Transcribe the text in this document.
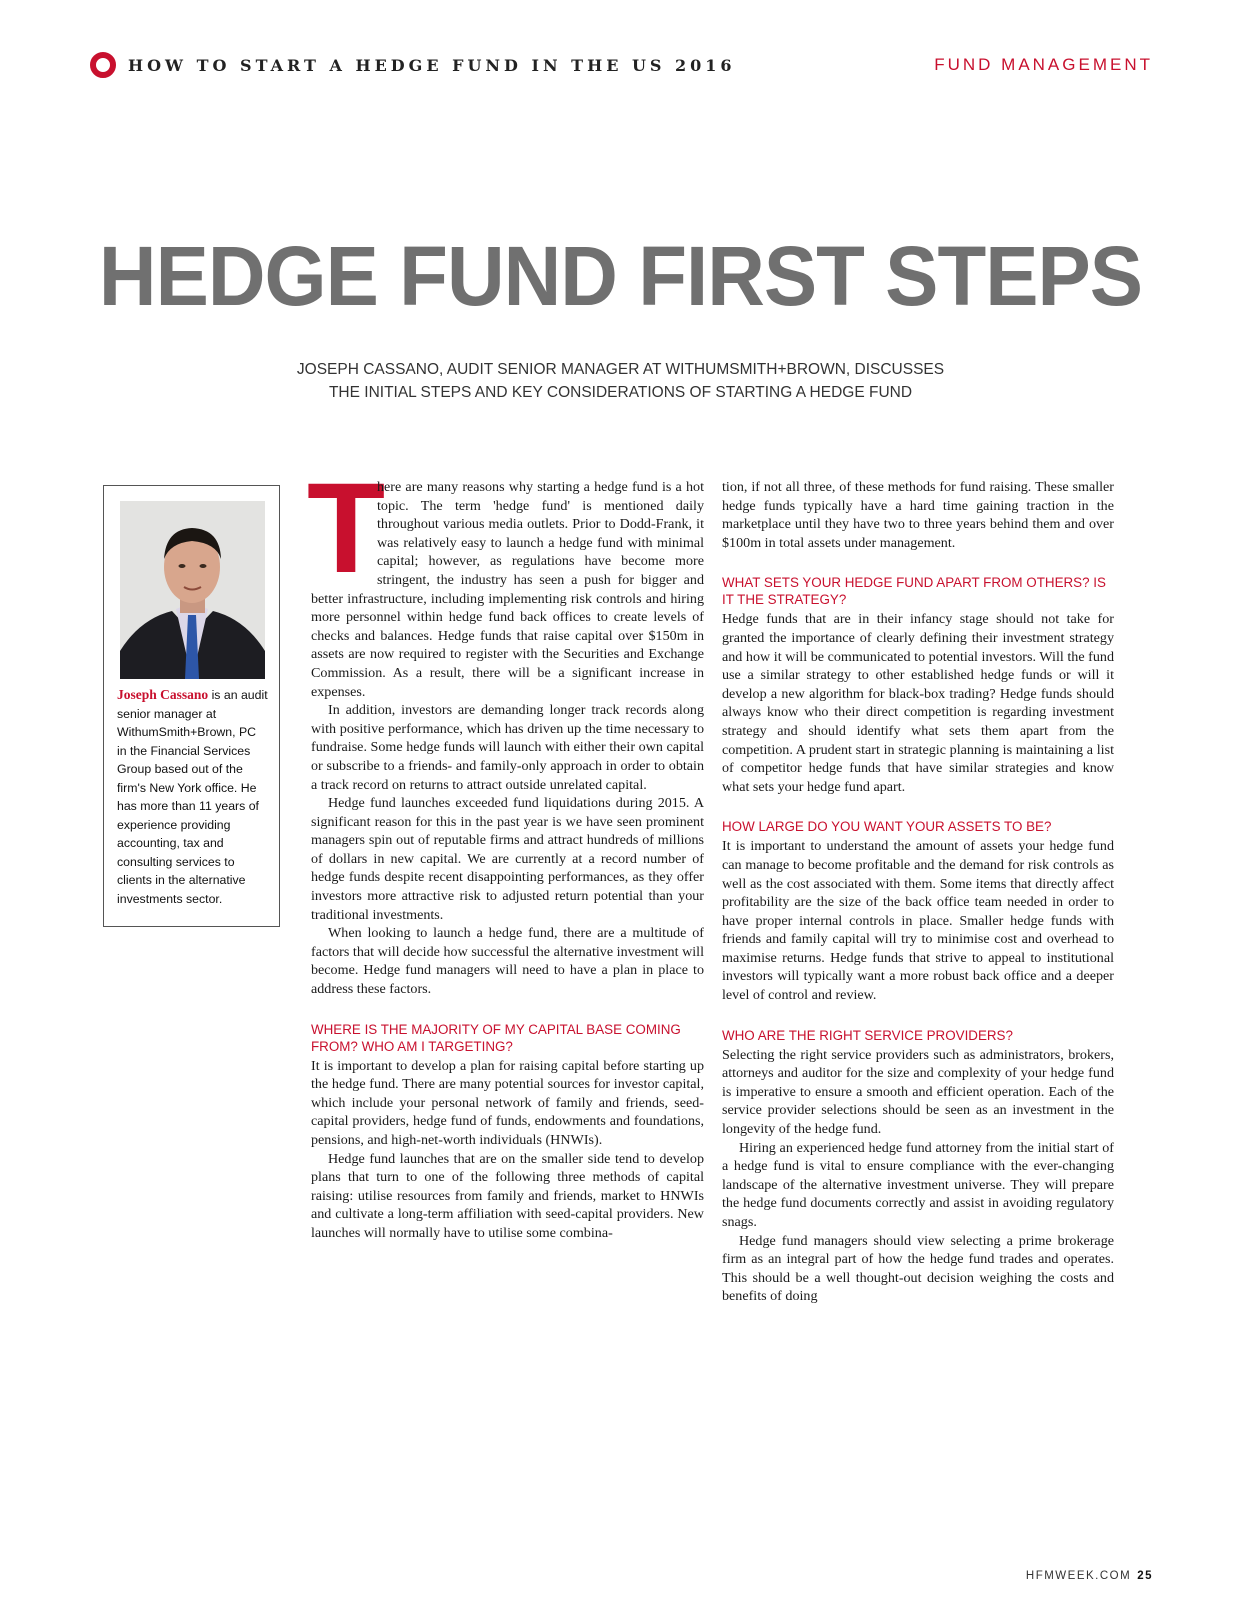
HOW TO START A HEDGE FUND IN THE US 2016	FUND MANAGEMENT
HEDGE FUND FIRST STEPS
JOSEPH CASSANO, AUDIT SENIOR MANAGER AT WITHUMSMITH+BROWN, DISCUSSES
THE INITIAL STEPS AND KEY CONSIDERATIONS OF STARTING A HEDGE FUND
Joseph Cassano is an audit senior manager at WithumSmith+Brown, PC in the Financial Services Group based out of the firm's New York office. He has more than 11 years of experience providing accounting, tax and consulting services to clients in the alternative investments sector.
T

here are many reasons why starting a hedge fund is a hot topic. The term 'hedge fund' is mentioned daily throughout various media outlets. Prior to Dodd-Frank, it was relatively easy to launch a hedge fund with minimal capital; however, as regulations have become more stringent, the industry has seen a push for bigger and better infrastructure, including implementing risk controls and hiring more personnel within hedge fund back offices to create levels of checks and balances. Hedge funds that raise capital over $150m in assets are now required to register with the Securities and Exchange Commission. As a result, there will be a significant increase in expenses.

In addition, investors are demanding longer track records along with positive performance, which has driven up the time necessary to fundraise. Some hedge funds will launch with either their own capital or subscribe to a friends- and family-only approach in order to obtain a track record on returns to attract outside unrelated capital.

Hedge fund launches exceeded fund liquidations during 2015. A significant reason for this in the past year is we have seen prominent managers spin out of reputable firms and attract hundreds of millions of dollars in new capital. We are currently at a record number of hedge funds despite recent disappointing performances, as they offer investors more attractive risk to adjusted return potential than your traditional investments.

When looking to launch a hedge fund, there are a multitude of factors that will decide how successful the alternative investment will become. Hedge fund managers will need to have a plan in place to address these factors.

WHERE IS THE MAJORITY OF MY CAPITAL BASE COMING FROM? WHO AM I TARGETING?

It is important to develop a plan for raising capital before starting up the hedge fund. There are many potential sources for investor capital, which include your personal network of family and friends, seed-capital providers, hedge fund of funds, endowments and foundations, pensions, and high-net-worth individuals (HNWIs).

Hedge fund launches that are on the smaller side tend to develop plans that turn to one of the following three methods of capital raising: utilise resources from family and friends, market to HNWIs and cultivate a long-term affiliation with seed-capital providers. New launches will normally have to utilise some combina-

tion, if not all three, of these methods for fund raising. These smaller hedge funds typically have a hard time gaining traction in the marketplace until they have two to three years behind them and over $100m in total assets under management.

WHAT SETS YOUR HEDGE FUND APART FROM OTHERS? IS IT THE STRATEGY?

Hedge funds that are in their infancy stage should not take for granted the importance of clearly defining their investment strategy and how it will be communicated to potential investors. Will the fund use a similar strategy to other established hedge funds or will it develop a new algorithm for black-box trading? Hedge funds should always know who their direct competition is regarding investment strategy and should identify what sets them apart from the competition. A prudent start in strategic planning is maintaining a list of competitor hedge funds that have similar strategies and know what sets your hedge fund apart.

HOW LARGE DO YOU WANT YOUR ASSETS TO BE?

It is important to understand the amount of assets your hedge fund can manage to become profitable and the demand for risk controls as well as the cost associated with them. Some items that directly affect profitability are the size of the back office team needed in order to have proper internal controls in place. Smaller hedge funds with friends and family capital will try to minimise cost and overhead to maximise returns. Hedge funds that strive to appeal to institutional investors will typically want a more robust back office and a deeper level of control and review.

WHO ARE THE RIGHT SERVICE PROVIDERS?

Selecting the right service providers such as administrators, brokers, attorneys and auditor for the size and complexity of your hedge fund is imperative to ensure a smooth and efficient operation. Each of the service provider selections should be seen as an investment in the longevity of the hedge fund.

Hiring an experienced hedge fund attorney from the initial start of a hedge fund is vital to ensure compliance with the ever-changing landscape of the alternative investment universe. They will prepare the hedge fund documents correctly and assist in avoiding regulatory snags.

Hedge fund managers should view selecting a prime brokerage firm as an integral part of how the hedge fund trades and operates. This should be a well thought-out decision weighing the costs and benefits of doing

HFMWEEK.COM 25
